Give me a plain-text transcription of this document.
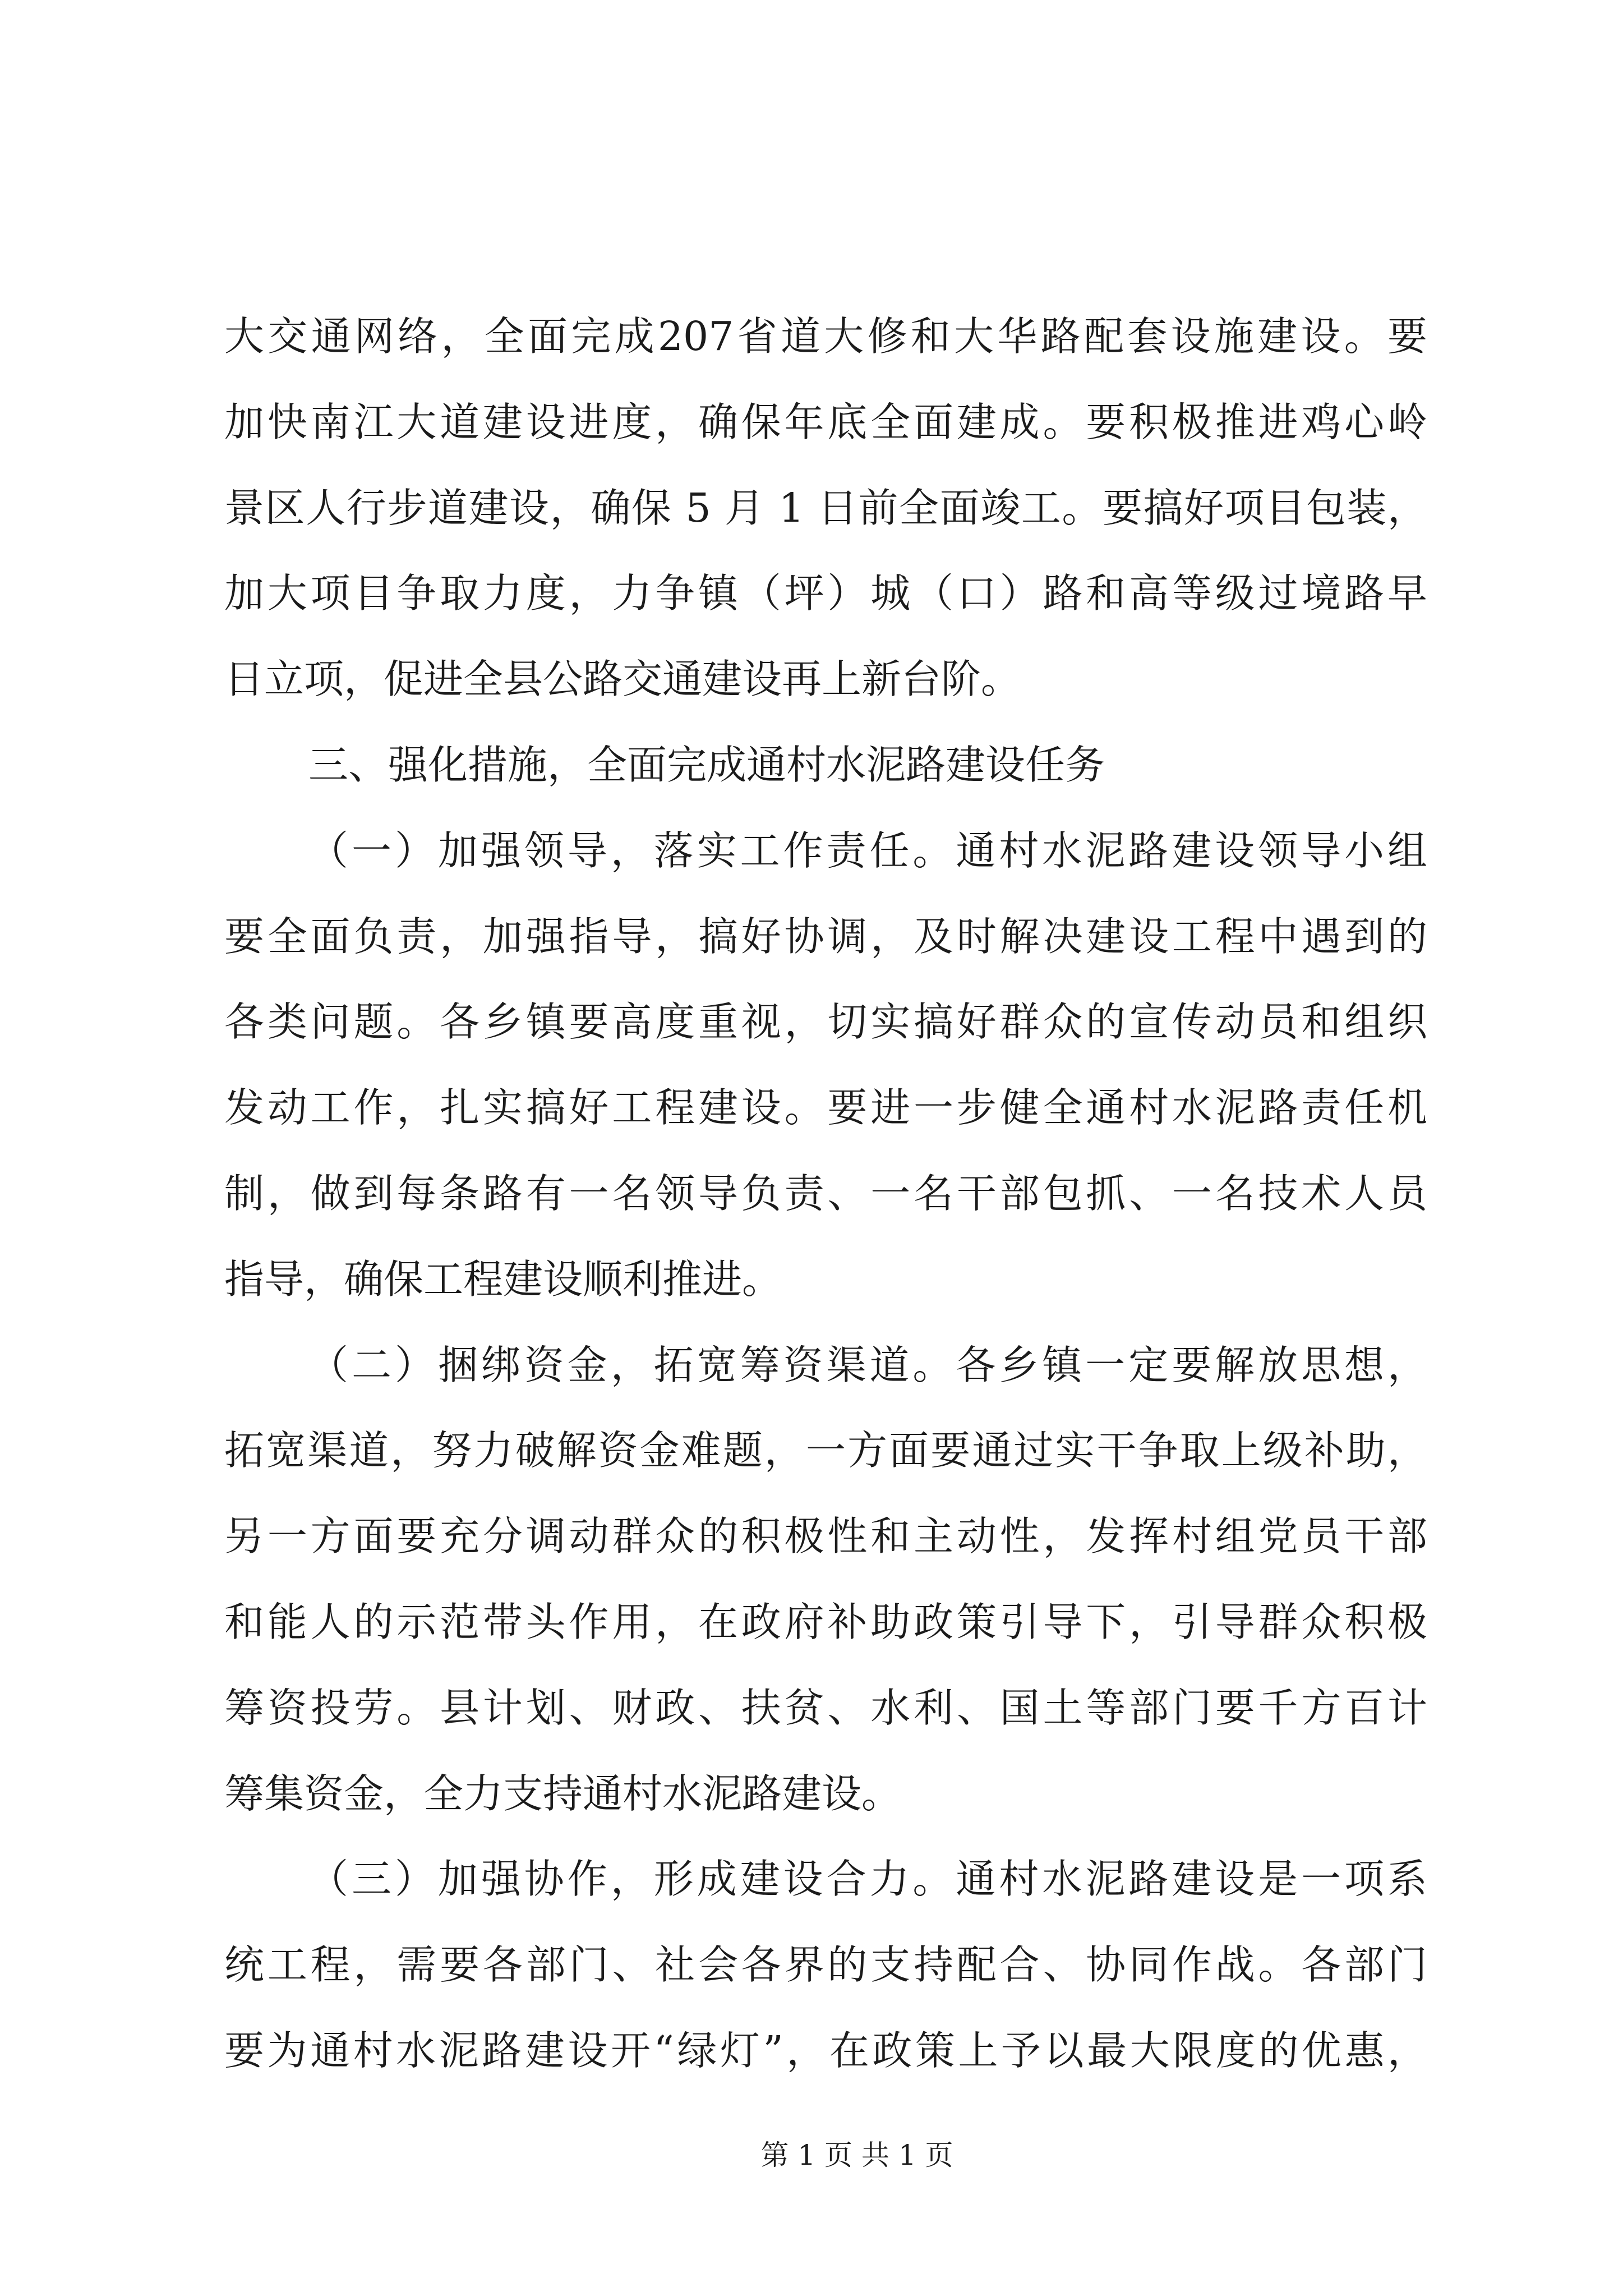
大交通网络，全面完成207省道大修和大华路配套设施建设。要
加快南江大道建设进度，确保年底全面建成。要积极推进鸡心岭
景区人行步道建设，确保 5 月 1 日前全面竣工。要搞好项目包装，
加大项目争取力度，力争镇（坪）城（口）路和高等级过境路早
日立项，促进全县公路交通建设再上新台阶。
三、强化措施，全面完成通村水泥路建设任务
（一）加强领导，落实工作责任。通村水泥路建设领导小组
要全面负责，加强指导，搞好协调，及时解决建设工程中遇到的
各类问题。各乡镇要高度重视，切实搞好群众的宣传动员和组织
发动工作，扎实搞好工程建设。要进一步健全通村水泥路责任机
制，做到每条路有一名领导负责、一名干部包抓、一名技术人员
指导，确保工程建设顺利推进。
（二）捆绑资金，拓宽筹资渠道。各乡镇一定要解放思想，
拓宽渠道，努力破解资金难题，一方面要通过实干争取上级补助，
另一方面要充分调动群众的积极性和主动性，发挥村组党员干部
和能人的示范带头作用，在政府补助政策引导下，引导群众积极
筹资投劳。县计划、财政、扶贫、水利、国土等部门要千方百计
筹集资金，全力支持通村水泥路建设。
（三）加强协作，形成建设合力。通村水泥路建设是一项系
统工程，需要各部门、社会各界的支持配合、协同作战。各部门
要为通村水泥路建设开“绿灯”，在政策上予以最大限度的优惠，
第 1 页 共 1 页
